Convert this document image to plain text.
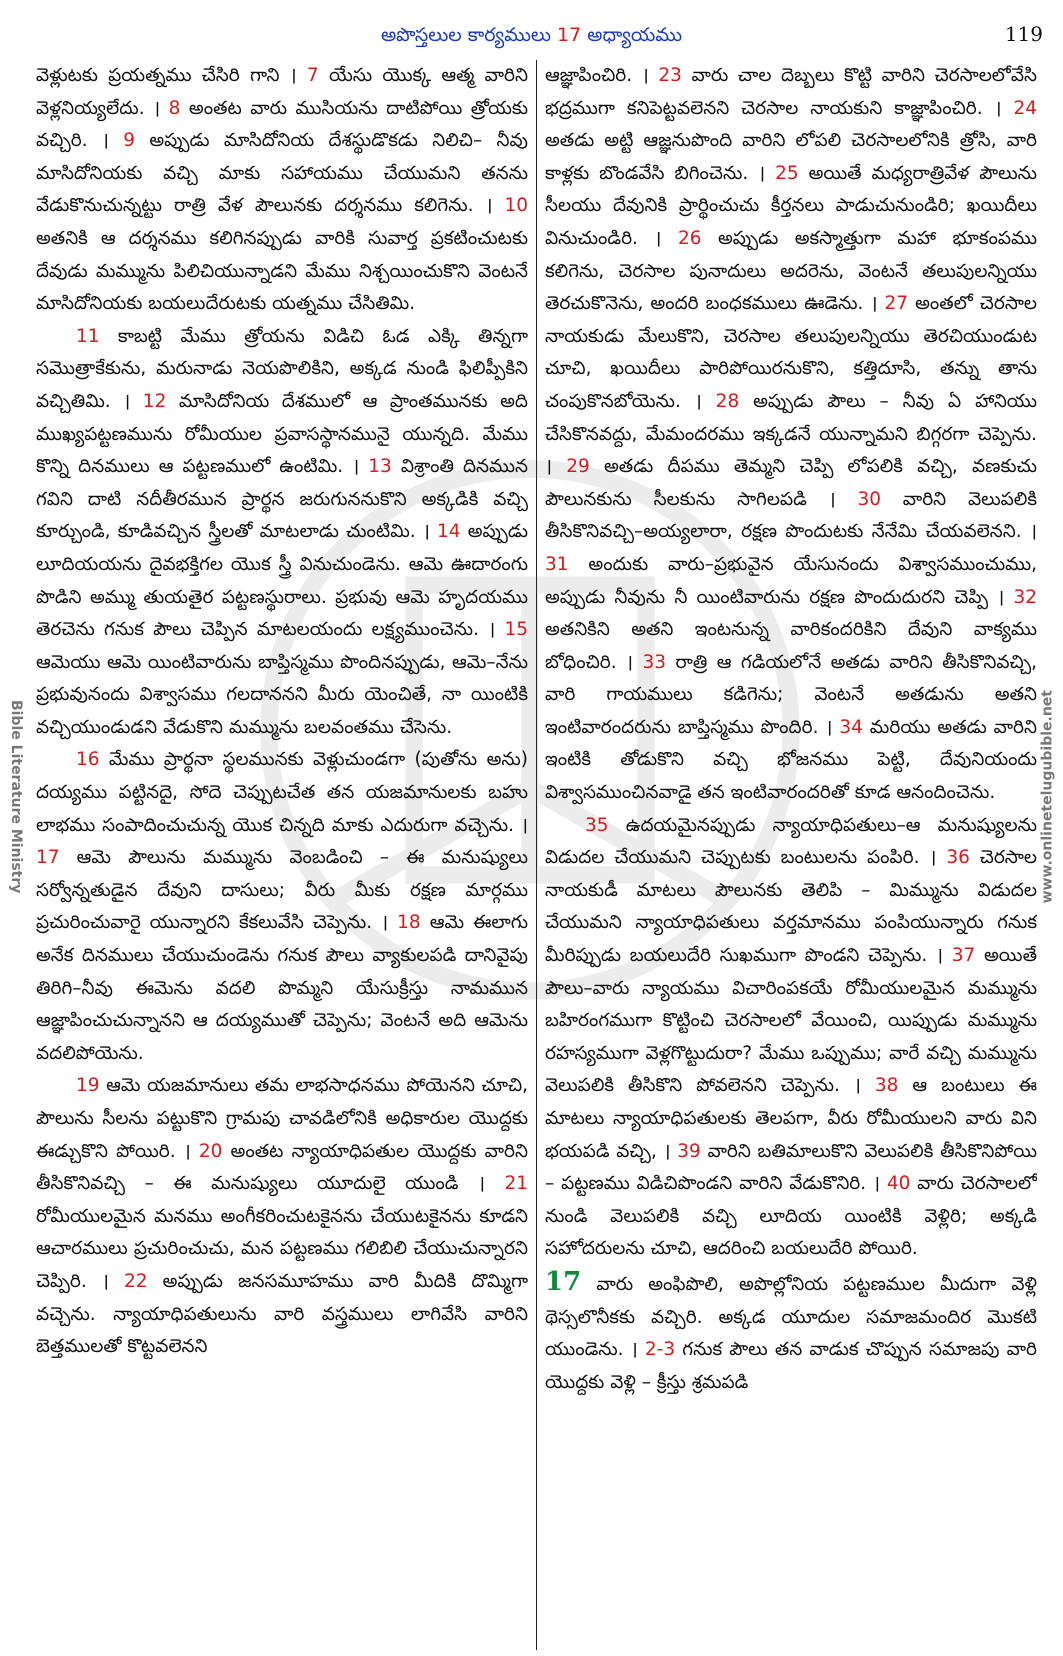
అపొస్తలుల కార్యములు 17 అధ్యాయము	119
Bible Literature Ministry	www.onlinetelugubible.net

వెళ్లుటకు ప్రయత్నము చేసిరి గాని । 7 యేసు యొక్క ఆత్మ వారిని వెళ్లనియ్యలేదు. । 8 అంతట వారు ముసియను దాటిపోయి త్రోయకు వచ్చిరి. । 9 అప్పుడు మాసిదోనియ దేశస్థుడొకడు నిలిచి– నీవు మాసిదోనియకు వచ్చి మాకు సహాయము చేయుమని తనను వేడుకొనుచున్నట్టు రాత్రి వేళ పౌలునకు దర్శనము కలిగెను. । 10 అతనికి ఆ దర్శనము కలిగినప్పుడు వారికి సువార్త ప్రకటించుటకు దేవుడు మమ్మును పిలిచియున్నాడని మేము నిశ్చయించుకొని వెంటనే మాసిదోనియకు బయలుదేరుటకు యత్నము చేసితిమి.

11 కాబట్టి మేము త్రోయను విడిచి ఓడ ఎక్కి తిన్నగా సమొత్రాకేకును, మరునాడు నెయపొలికిని, అక్కడ నుండి ఫిలిప్పీకిని వచ్చితిమి. । 12 మాసిదోనియ దేశములో ఆ ప్రాంతమునకు అది ముఖ్యపట్టణమును రోమీయుల ప్రవాసస్థానమునై యున్నది. మేము కొన్ని దినములు ఆ పట్టణములో ఉంటిమి. । 13 విశ్రాంతి దినమున గవిని దాటి నదీతీరమున ప్రార్థన జరుగుననుకొని అక్కడికి వచ్చి కూర్చుండి, కూడివచ్చిన స్త్రీలతో మాటలాడు చుంటిమి. । 14 అప్పుడు లూదియయను దైవభక్తిగల యొక స్త్రీ వినుచుండెను. ఆమె ఊదారంగు పొడిని అమ్ము తుయతైర పట్టణస్థురాలు. ప్రభువు ఆమె హృదయము తెరచెను గనుక పౌలు చెప్పిన మాటలయందు లక్ష్యముంచెను. । 15 ఆమెయు ఆమె యింటివారును బాప్తిస్మము పొందినప్పుడు, ఆమె–నేను ప్రభువునందు విశ్వాసము గలదాననని మీరు యెంచితే, నా యింటికి వచ్చియుండుడని వేడుకొని మమ్మును బలవంతము చేసెను.

16 మేము ప్రార్థనా స్థలమునకు వెళ్లుచుండగా (పుతోను అను) దయ్యము పట్టినదై, సోదె చెప్పుటచేత తన యజమానులకు బహు లాభము సంపాదించుచున్న యొక చిన్నది మాకు ఎదురుగా వచ్చెను. । 17 ఆమె పౌలును మమ్మును వెంబడించి – ఈ మనుష్యులు సర్వోన్నతుడైన దేవుని దాసులు; వీరు మీకు రక్షణ మార్గము ప్రచురించువారై యున్నారని కేకలువేసి చెప్పెను. । 18 ఆమె ఈలాగు అనేక దినములు చేయుచుండెను గనుక పౌలు వ్యాకులపడి దానివైపు తిరిగి–నీవు ఈమెను వదలి పొమ్మని యేసుక్రీస్తు నామమున ఆజ్ఞాపించుచున్నానని ఆ దయ్యముతో చెప్పెను; వెంటనే అది ఆమెను వదలిపోయెను.

19 ఆమె యజమానులు తమ లాభసాధనము పోయెనని చూచి, పౌలును సీలను పట్టుకొని గ్రామపు చావడిలోనికి అధికారుల యొద్దకు ఈడ్చుకొని పోయిరి. । 20 అంతట న్యాయాధిపతుల యొద్దకు వారిని తీసికొనివచ్చి – ఈ మనుష్యులు యూదులై యుండి । 21 రోమీయులమైన మనము అంగీకరించుటకైనను చేయుటకైనను కూడని ఆచారములు ప్రచురించుచు, మన పట్టణము గలిబిలి చేయుచున్నారని చెప్పిరి. । 22 అప్పుడు జనసమూహము వారి మీదికి దొమ్మిగా వచ్చెను. న్యాయాధిపతులును వారి వస్త్రములు లాగివేసి వారిని బెత్తములతో కొట్టవలెనని

ఆజ్ఞాపించిరి. । 23 వారు చాల దెబ్బలు కొట్టి వారిని చెరసాలలోవేసి భద్రముగా కనిపెట్టవలెనని చెరసాల నాయకుని కాజ్ఞాపించిరి. । 24 అతడు అట్టి ఆజ్ఞనుపొంది వారిని లోపలి చెరసాలలోనికి త్రోసి, వారి కాళ్లకు బొండవేసి బిగించెను. । 25 అయితే మధ్యరాత్రివేళ పౌలును సీలయు దేవునికి ప్రార్థించుచు కీర్తనలు పాడుచునుండిరి; ఖయిదీలు వినుచుండిరి. । 26 అప్పుడు అకస్మాత్తుగా మహా భూకంపము కలిగెను, చెరసాల పునాదులు అదరెను, వెంటనే తలుపులన్నియు తెరచుకొనెను, అందరి బంధకములు ఊడెను. । 27 అంతలో చెరసాల నాయకుడు మేలుకొని, చెరసాల తలుపులన్నియు తెరచియుండుట చూచి, ఖయిదీలు పారిపోయిరనుకొని, కత్తిదూసి, తన్ను తాను చంపుకొనబోయెను. । 28 అప్పుడు పౌలు – నీవు ఏ హానియు చేసికొనవద్దు, మేమందరము ఇక్కడనే యున్నామని బిగ్గరగా చెప్పెను. । 29 అతడు దీపము తెమ్మని చెప్పి లోపలికి వచ్చి, వణకుచు పౌలునకును సీలకును సాగిలపడి । 30 వారిని వెలుపలికి తీసికొనివచ్చి–అయ్యలారా, రక్షణ పొందుటకు నేనేమి చేయవలెనని. । 31 అందుకు వారు–ప్రభువైన యేసునందు విశ్వాసముంచుము, అప్పుడు నీవును నీ యింటివారును రక్షణ పొందుదురని చెప్పి । 32 అతనికిని అతని ఇంటనున్న వారికందరికిని దేవుని వాక్యము బోధించిరి. । 33 రాత్రి ఆ గడియలోనే అతడు వారిని తీసికొనివచ్చి, వారి గాయములు కడిగెను; వెంటనే అతడును అతని ఇంటివారందరును బాప్తిస్మము పొందిరి. । 34 మరియు అతడు వారిని ఇంటికి తోడుకొని వచ్చి భోజనము పెట్టి, దేవునియందు విశ్వాసముంచినవాడై తన ఇంటివారందరితో కూడ ఆనందించెను.

35 ఉదయమైనప్పుడు న్యాయాధిపతులు–ఆ మనుష్యులను విడుదల చేయుమని చెప్పుటకు బంటులను పంపిరి. । 36 చెరసాల నాయకుడీ మాటలు పౌలునకు తెలిపి – మిమ్మును విడుదల చేయుమని న్యాయాధిపతులు వర్తమానము పంపియున్నారు గనుక మీరిప్పుడు బయలుదేరి సుఖముగా పొండని చెప్పెను. । 37 అయితే పౌలు–వారు న్యాయము విచారింపకయే రోమీయులమైన మమ్మును బహిరంగముగా కొట్టించి చెరసాలలో వేయించి, యిప్పుడు మమ్మును రహస్యముగా వెళ్లగొట్టుదురా? మేము ఒప్పుము; వారే వచ్చి మమ్మును వెలుపలికి తీసికొని పోవలెనని చెప్పెను. । 38 ఆ బంటులు ఈ మాటలు న్యాయాధిపతులకు తెలపగా, వీరు రోమీయులని వారు విని భయపడి వచ్చి, । 39 వారిని బతిమాలుకొని వెలుపలికి తీసికొనిపోయి – పట్టణము విడిచిపొండని వారిని వేడుకొనిరి. । 40 వారు చెరసాలలో నుండి వెలుపలికి వచ్చి లూదియ యింటికి వెళ్లిరి; అక్కడి సహోదరులను చూచి, ఆదరించి బయలుదేరి పోయిరి.

17 వారు అంఫిపొలి, అపొల్లోనియ పట్టణముల మీదుగా వెళ్లి థెస్సలొనీకకు వచ్చిరి. అక్కడ యూదుల సమాజమందిర మొకటి యుండెను. । 2-3 గనుక పౌలు తన వాడుక చొప్పున సమాజపు వారి యొద్దకు వెళ్లి – క్రీస్తు శ్రమపడి
